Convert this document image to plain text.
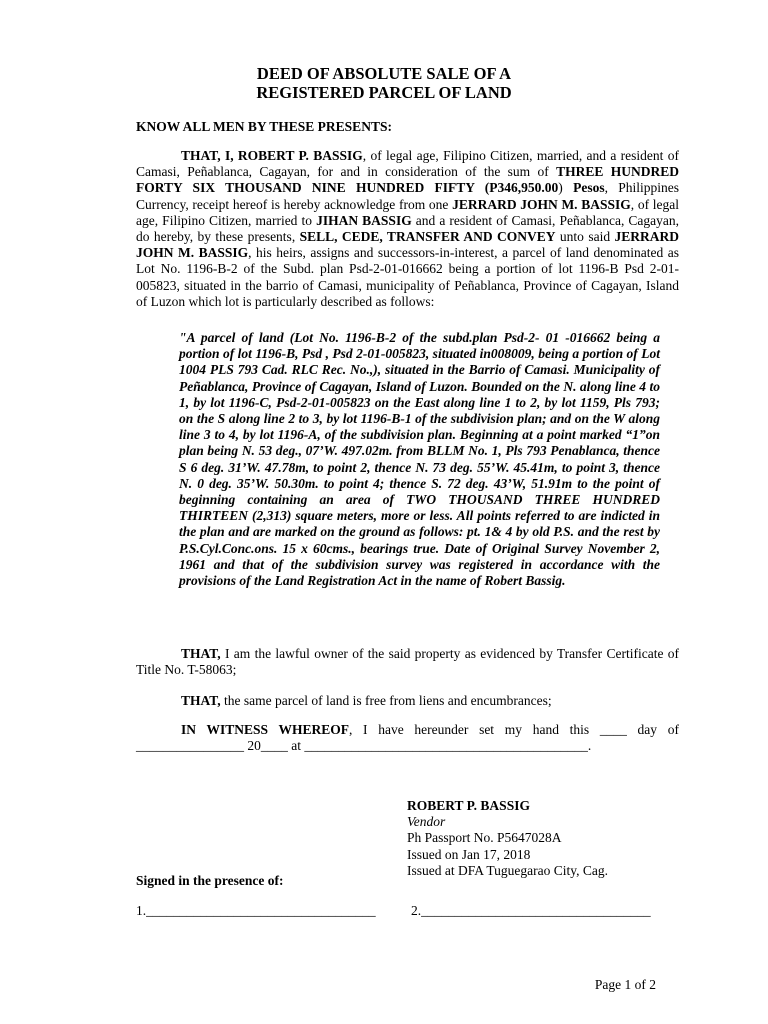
DEED OF ABSOLUTE SALE OF A
REGISTERED PARCEL OF LAND
KNOW ALL MEN BY THESE PRESENTS:

THAT, I, ROBERT P. BASSIG, of legal age, Filipino Citizen, married, and a resident of Camasi, Peñablanca, Cagayan, for and in consideration of the sum of THREE HUNDRED FORTY SIX THOUSAND NINE HUNDRED FIFTY (P346,950.00) Pesos, Philippines Currency, receipt hereof is hereby acknowledge from one JERRARD JOHN M. BASSIG, of legal age, Filipino Citizen, married to JIHAN BASSIG and a resident of Camasi, Peñablanca, Cagayan, do hereby, by these presents, SELL, CEDE, TRANSFER AND CONVEY unto said JERRARD JOHN M. BASSIG, his heirs, assigns and successors-in-interest, a parcel of land denominated as Lot No. 1196-B-2 of the Subd. plan Psd-2-01-016662 being a portion of lot 1196-B Psd 2-01-005823, situated in the barrio of Camasi, municipality of Peñablanca, Province of Cagayan, Island of Luzon which lot is particularly described as follows:

"A parcel of land (Lot No. 1196-B-2 of the subd.plan Psd-2- 01 -016662 being a portion of lot 1196-B, Psd , Psd 2-01-005823, situated in008009, being a portion of Lot 1004 PLS 793 Cad. RLC Rec. No.,), situated in the Barrio of Camasi. Municipality of Peñablanca, Province of Cagayan, Island of Luzon. Bounded on the N. along line 4 to 1, by lot 1196-C, Psd-2-01-005823 on the East along line 1 to 2, by lot 1159, Pls 793; on the S along line 2 to 3, by lot 1196-B-1 of the subdivision plan; and on the W along line 3 to 4, by lot 1196-A, of the subdivision plan. Beginning at a point marked “1”on plan being N. 53 deg., 07’W. 497.02m. from BLLM No. 1, Pls 793 Penablanca, thence S 6 deg. 31’W. 47.78m, to point 2, thence N. 73 deg. 55’W. 45.41m, to point 3, thence N. 0 deg. 35’W. 50.30m. to point 4; thence S. 72 deg. 43’W, 51.91m to the point of beginning containing an area of TWO THOUSAND THREE HUNDRED THIRTEEN (2,313) square meters, more or less. All points referred to are indicted in the plan and are marked on the ground as follows: pt. 1& 4 by old P.S. and the rest by P.S.Cyl.Conc.ons. 15 x 60cms., bearings true. Date of Original Survey November 2, 1961 and that of the subdivision survey was registered in accordance with the provisions of the Land Registration Act in the name of Robert Bassig.

THAT, I am the lawful owner of the said property as evidenced by Transfer Certificate of Title No. T-58063;

THAT, the same parcel of land is free from liens and encumbrances;

IN WITNESS WHEREOF, I have hereunder set my hand this ____ day of ________________ 20____ at __________________________________________.

ROBERT P. BASSIG
Vendor
Ph Passport No. P5647028A
Issued on Jan 17, 2018
Issued at DFA Tuguegarao City, Cag.
Signed in the presence of:
1.__________________________________	2.__________________________________
Page 1 of 2
